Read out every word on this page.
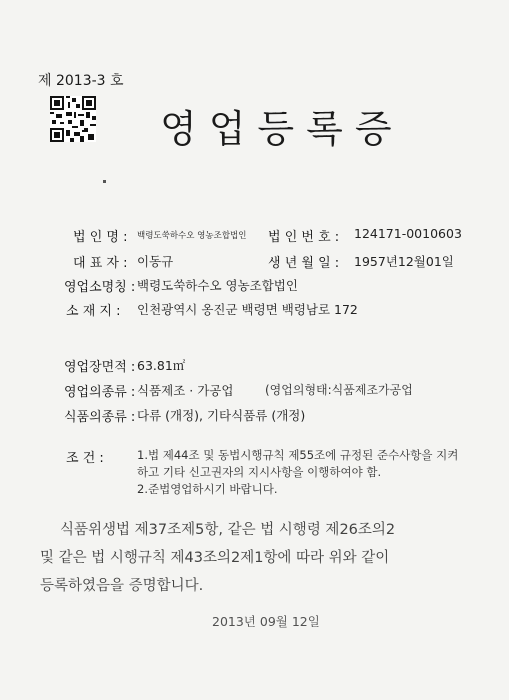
제 2013-3 호
영업등록증
법 인 명 : 백령도쑥하수오 영농조합법인 법 인 번 호 : 124171-0010603
대 표 자 : 이동규	생 년 월 일 : 1957년12월01일
영업소명칭 : 백령도쑥하수오 영농조합법인
소 재 지 : 인천광역시 옹진군 백령면 백령남로 172
영업장면적 : 63.81㎡
영업의종류 : 식품제조 · 가공업	(영업의형태:식품제조가공업
식품의종류 : 다류 (개정), 기타식품류 (개정)
조 건 :	1.법 제44조 및 동법시행규칙 제55조에 규정된 준수사항을 지켜
하고 기타 신고권자의 지시사항을 이행하여야 함.
2.준법영업하시기 바랍니다.
식품위생법 제37조제5항, 같은 법 시행령 제26조의2
및 같은 법 시행규칙 제43조의2제1항에 따라 위와 같이
등록하였음을 증명합니다.
2013년 09월 12일
